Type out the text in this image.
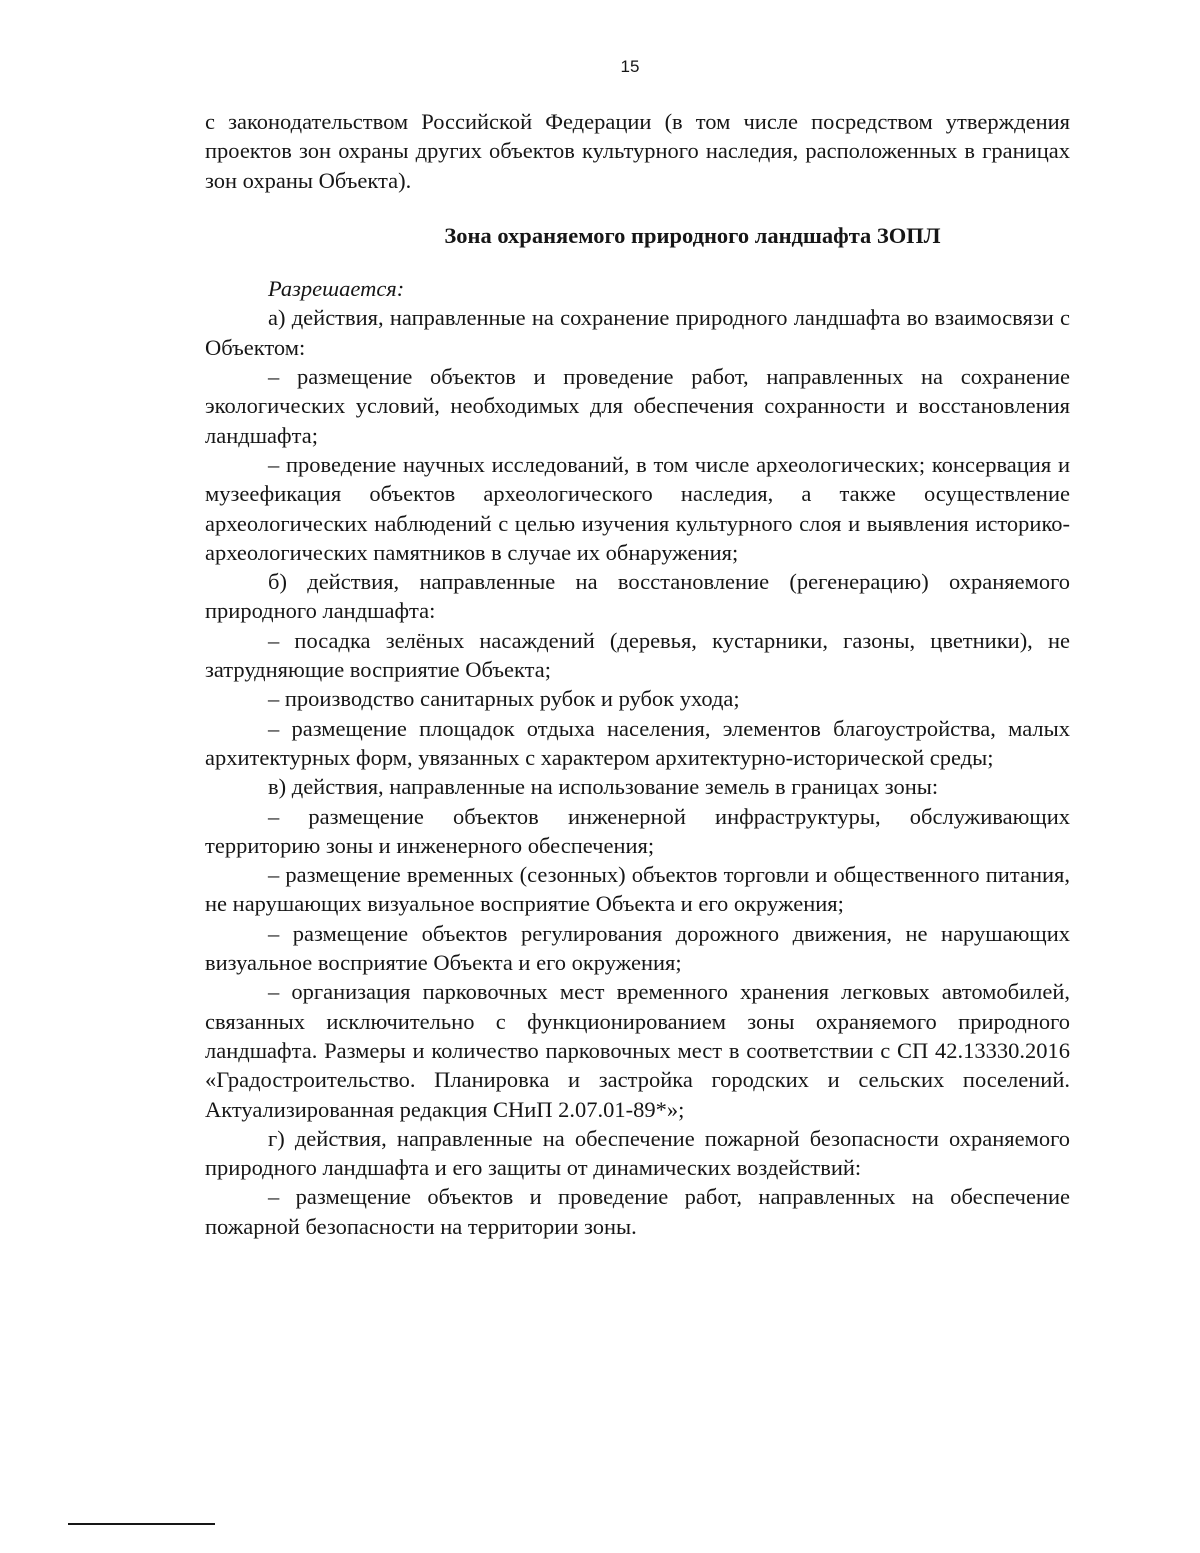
15

с законодательством Российской Федерации (в том числе посредством утверждения проектов зон охраны других объектов культурного наследия, расположенных в границах зон охраны Объекта).

Зона охраняемого природного ландшафта ЗОПЛ

Разрешается:

а) действия, направленные на сохранение природного ландшафта во взаимосвязи с Объектом:

– размещение объектов и проведение работ, направленных на сохранение экологических условий, необходимых для обеспечения сохранности и восстановления ландшафта;

– проведение научных исследований, в том числе археологических; консервация и музеефикация объектов археологического наследия, а также осуществление археологических наблюдений с целью изучения культурного слоя и выявления историко-археологических памятников в случае их обнаружения;

б) действия, направленные на восстановление (регенерацию) охраняемого природного ландшафта:

– посадка зелёных насаждений (деревья, кустарники, газоны, цветники), не затрудняющие восприятие Объекта;

– производство санитарных рубок и рубок ухода;

– размещение площадок отдыха населения, элементов благоустройства, малых архитектурных форм, увязанных с характером архитектурно-исторической среды;

в) действия, направленные на использование земель в границах зоны:

– размещение объектов инженерной инфраструктуры, обслуживающих территорию зоны и инженерного обеспечения;

– размещение временных (сезонных) объектов торговли и общественного питания, не нарушающих визуальное восприятие Объекта и его окружения;

– размещение объектов регулирования дорожного движения, не нарушающих визуальное восприятие Объекта и его окружения;

– организация парковочных мест временного хранения легковых автомобилей, связанных исключительно с функционированием зоны охраняемого природного ландшафта. Размеры и количество парковочных мест в соответствии с СП 42.13330.2016 «Градостроительство. Планировка и застройка городских и сельских поселений. Актуализированная редакция СНиП 2.07.01-89*»;

г) действия, направленные на обеспечение пожарной безопасности охраняемого природного ландшафта и его защиты от динамических воздействий:

– размещение объектов и проведение работ, направленных на обеспечение пожарной безопасности на территории зоны.
